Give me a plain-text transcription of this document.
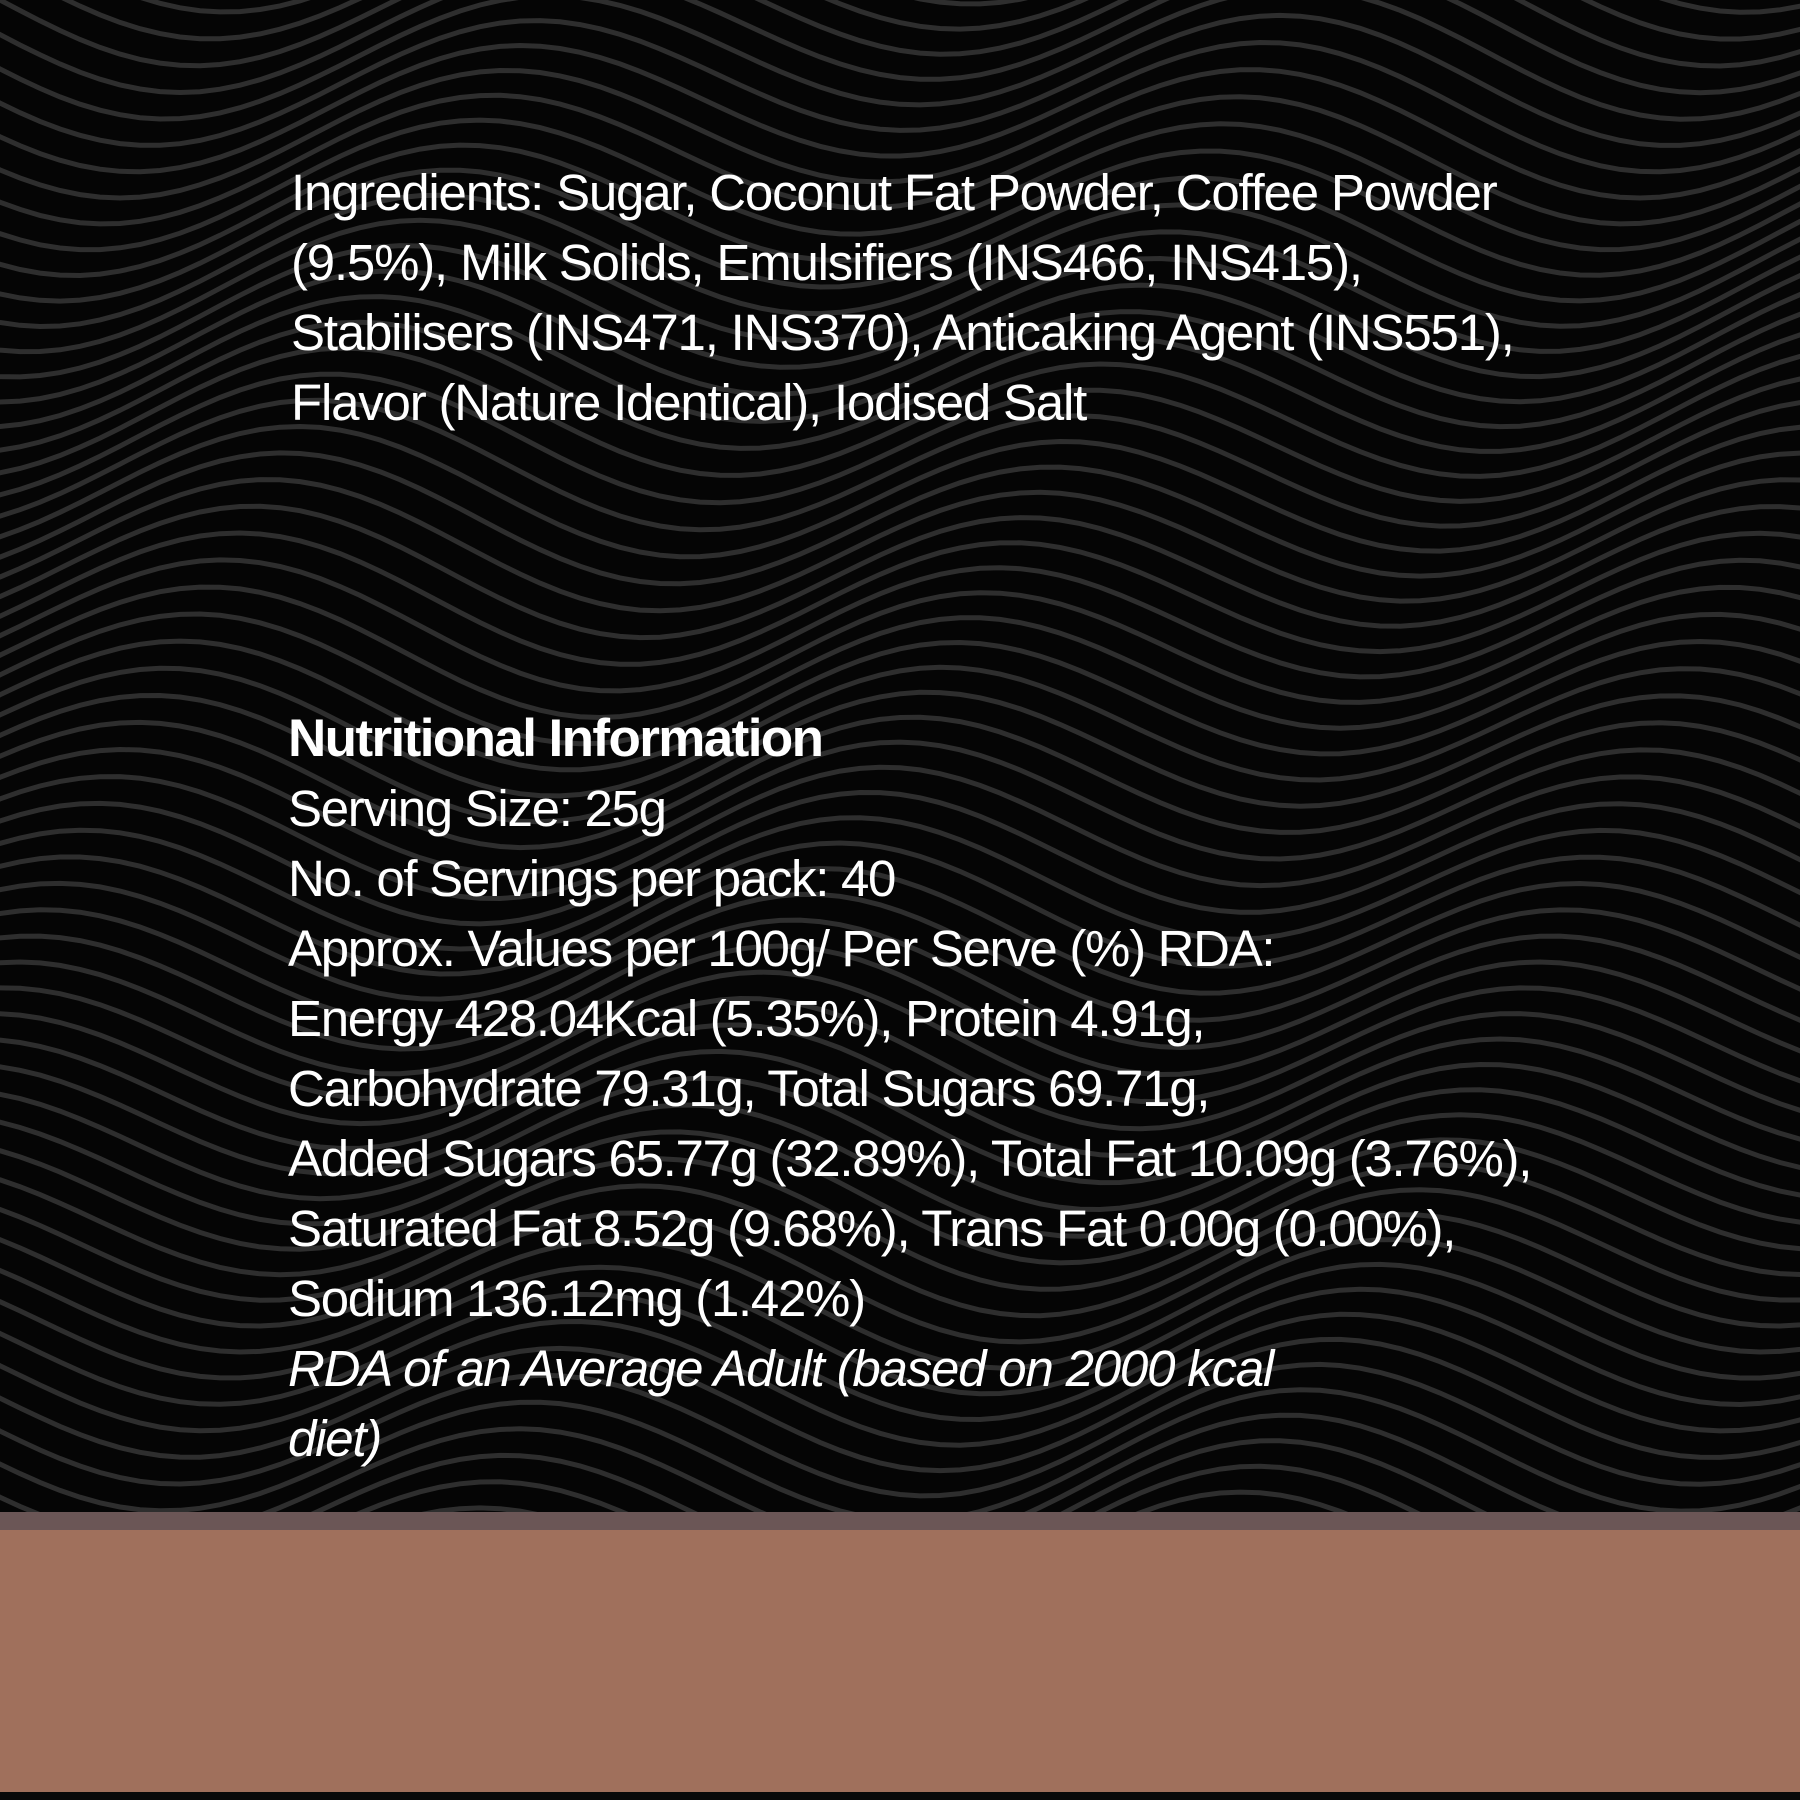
Ingredients: Sugar, Coconut Fat Powder, Coffee Powder (9.5%), Milk Solids, Emulsifiers (INS466, INS415), Stabilisers (INS471, INS370), Anticaking Agent (INS551), Flavor (Nature Identical), Iodised Salt

Nutritional Information

Serving Size: 25g

No. of Servings per pack: 40

Approx. Values per 100g/ Per Serve (%) RDA:

Energy 428.04Kcal (5.35%), Protein 4.91g,

Carbohydrate 79.31g, Total Sugars 69.71g,

Added Sugars 65.77g (32.89%), Total Fat 10.09g (3.76%),

Saturated Fat 8.52g (9.68%), Trans Fat 0.00g (0.00%),

Sodium 136.12mg (1.42%)

RDA of an Average Adult (based on 2000 kcal diet)
